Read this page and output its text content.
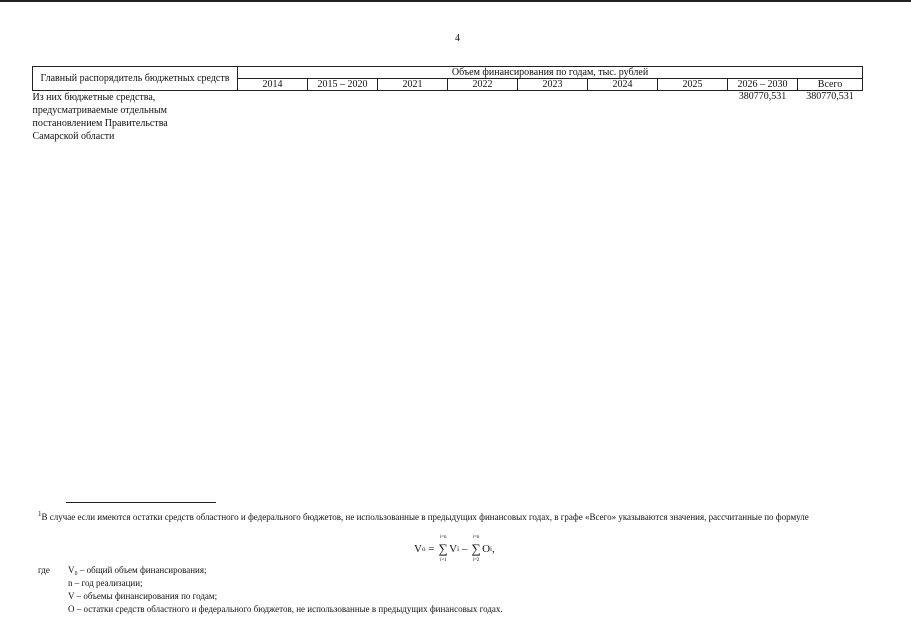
4
Главный распорядитель бюджетных средств	Объем финансирования по годам, тыс. рублей								
	2014	2015 – 2020	2021	2022	2023	2024	2025	2026 – 2030	Всего

Из них бюджетные средства,
предусматриваемые отдельным
постановлением Правительства
Самарской области								380770,531	380770,531
$^1$В случае если имеются остатки средств областного и федерального бюджетов, не использованные в предыдущих финансовых годах, в графе «Всего» указываются значения, рассчитанные по формуле
V o = ∑
i=n
i=1
V i – ∑
i=n
i=2
O i ,
где V₀ – общий объем финансирования;
n – год реализации;
V – объемы финансирования по годам;
O – остатки средств областного и федерального бюджетов, не использованные в предыдущих финансовых годах.
